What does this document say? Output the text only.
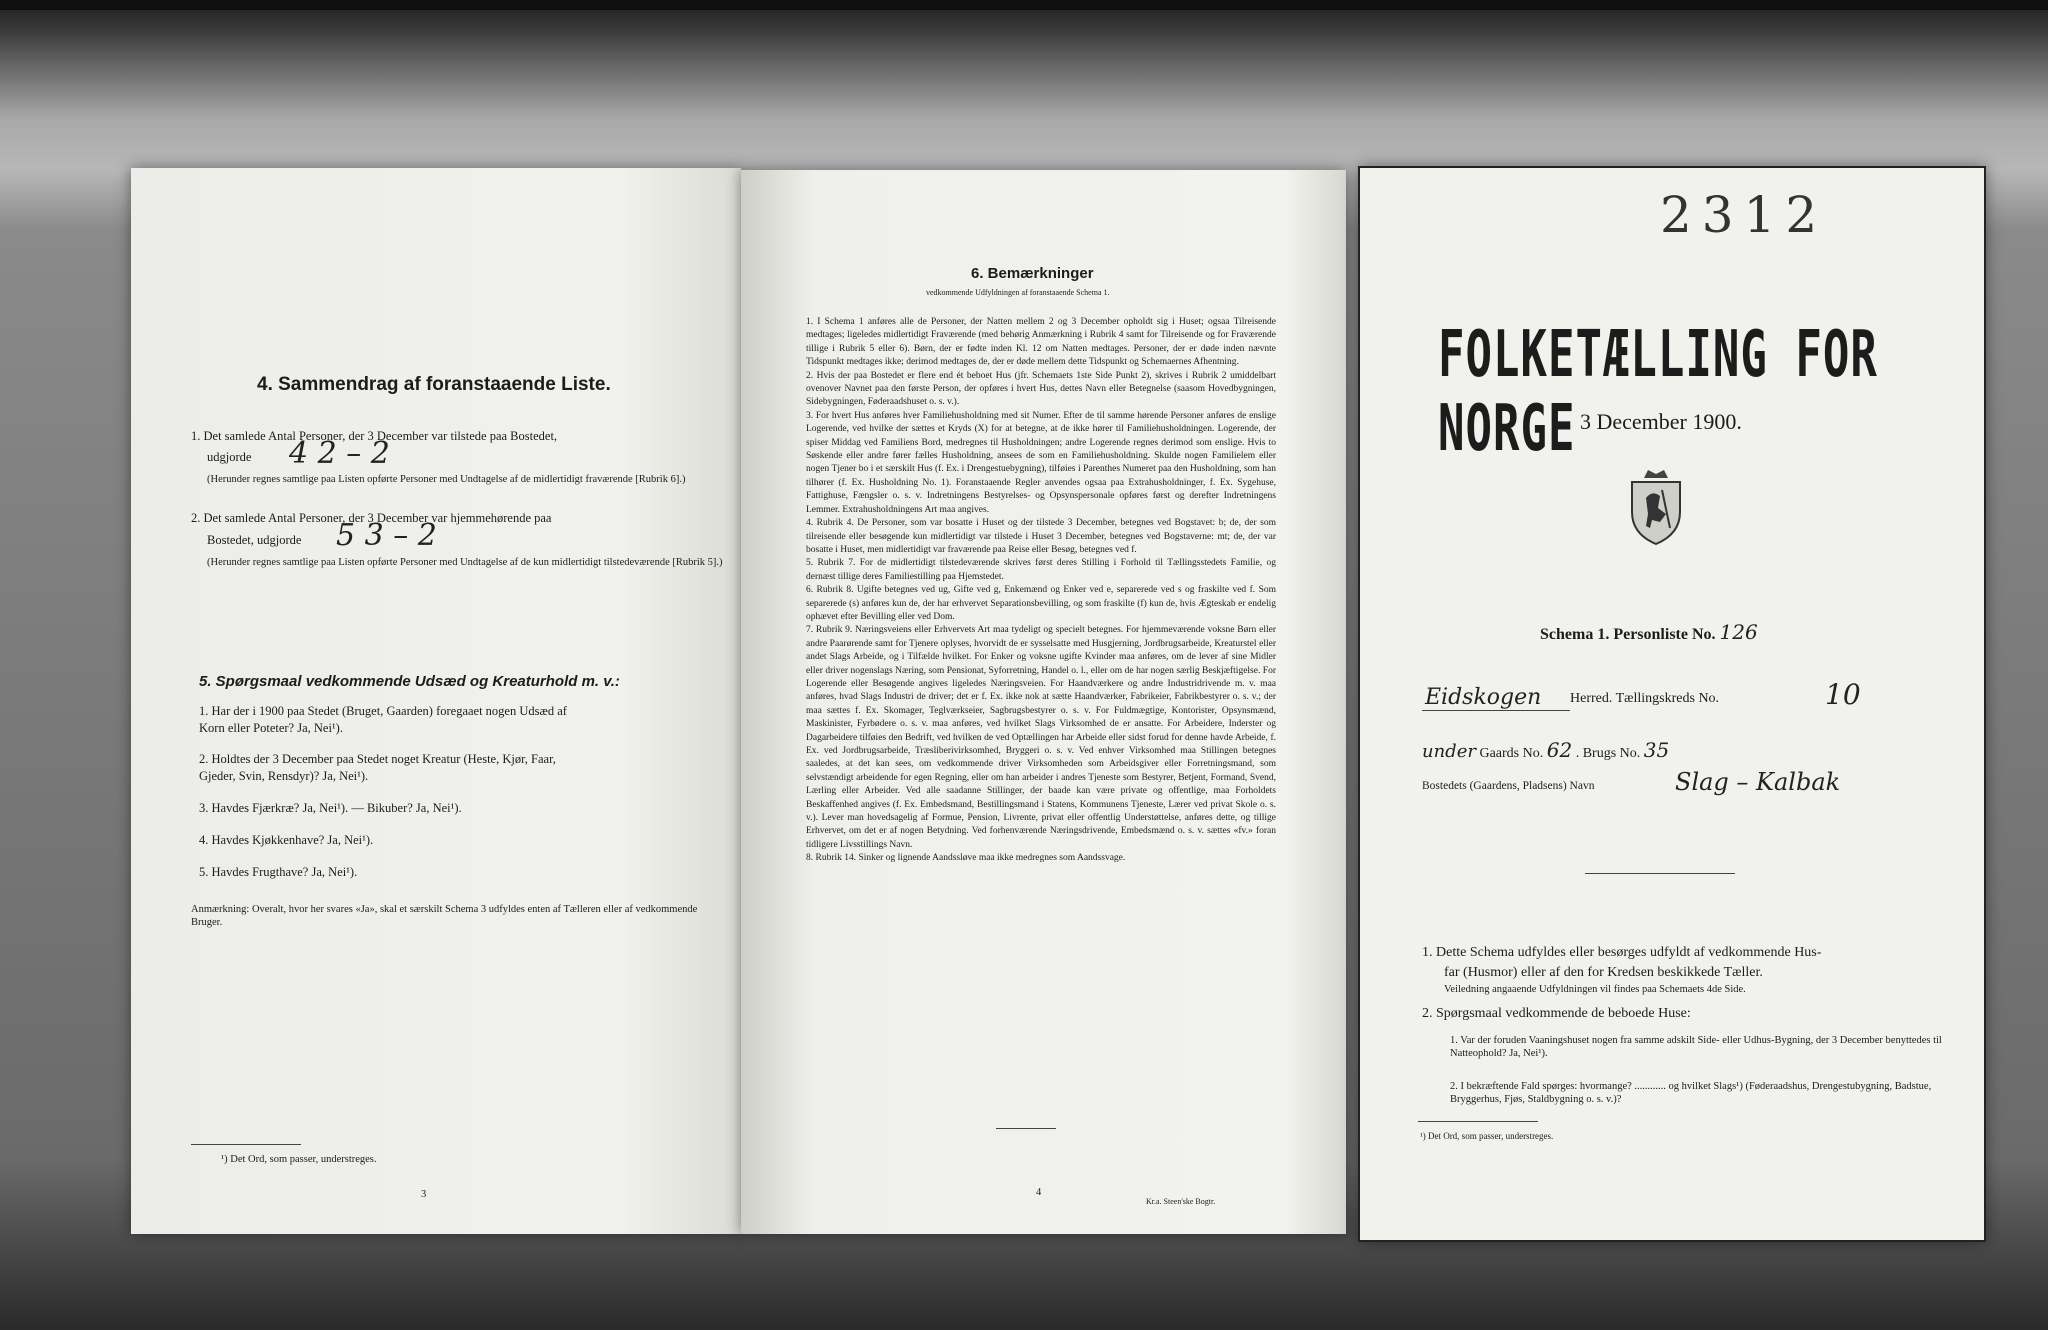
4. Sammendrag af foranstaaende Liste.
1. Det samlede Antal Personer, der 3 December var tilstede paa Bostedet,
udgjorde 4 2 – 2
(Herunder regnes samtlige paa Listen opførte Personer med Undtagelse af de midlertidigt fraværende [Rubrik 6].)
2. Det samlede Antal Personer, der 3 December var hjemmehørende paa
Bostedet, udgjorde 5 3 – 2
(Herunder regnes samtlige paa Listen opførte Personer med Undtagelse af de kun midlertidigt tilstedeværende [Rubrik 5].)
5. Spørgsmaal vedkommende Udsæd og Kreaturhold m. v.:
1. Har der i 1900 paa Stedet (Bruget, Gaarden) foregaaet nogen Udsæd af
Korn eller Poteter? Ja, Nei¹).
2. Holdtes der 3 December paa Stedet noget Kreatur (Heste, Kjør, Faar,
Gjeder, Svin, Rensdyr)? Ja, Nei¹).
3. Havdes Fjærkræ? Ja, Nei¹). — Bikuber? Ja, Nei¹).
4. Havdes Kjøkkenhave? Ja, Nei¹).
5. Havdes Frugthave? Ja, Nei¹).
Anmærkning: Overalt, hvor her svares «Ja», skal et særskilt Schema 3 udfyldes enten af Tælleren eller af vedkommende Bruger.
¹) Det Ord, som passer, understreges.
3
6. Bemærkninger
vedkommende Udfyldningen af foranstaaende Schema 1.
1. I Schema 1 anføres alle de Personer, der Natten mellem 2 og 3 December opholdt sig i Huset; ogsaa Tilreisende medtages; ligeledes midlertidigt Fraværende (med behørig Anmærkning i Rubrik 4 samt for Tilreisende og for Fraværende tillige i Rubrik 5 eller 6). Børn, der er fødte inden Kl. 12 om Natten medtages. Personer, der er døde inden nævnte Tidspunkt medtages ikke; derimod medtages de, der er døde mellem dette Tidspunkt og Schemaernes Afhentning.
2. Hvis der paa Bostedet er flere end ét beboet Hus (jfr. Schemaets 1ste Side Punkt 2), skrives i Rubrik 2 umiddelbart ovenover Navnet paa den første Person, der opføres i hvert Hus, dettes Navn eller Betegnelse (saasom Hovedbygningen, Sidebygningen, Føderaadshuset o. s. v.).
3. For hvert Hus anføres hver Familiehusholdning med sit Numer. Efter de til samme hørende Personer anføres de enslige Logerende, ved hvilke der sættes et Kryds (X) for at betegne, at de ikke hører til Familiehusholdningen. Logerende, der spiser Middag ved Familiens Bord, medregnes til Husholdningen; andre Logerende regnes derimod som enslige. Hvis to Søskende eller andre fører fælles Husholdning, ansees de som en Familiehusholdning. Skulde nogen Familielem eller nogen Tjener bo i et særskilt Hus (f. Ex. i Drengestuebygning), tilføies i Parenthes Numeret paa den Husholdning, som han tilhører (f. Ex. Husholdning No. 1). Foranstaaende Regler anvendes ogsaa paa Extrahusholdninger, f. Ex. Sygehuse, Fattighuse, Fængsler o. s. v. Indretningens Bestyrelses- og Opsynspersonale opføres først og derefter Indretningens Lemmer. Extrahusholdningens Art maa angives.
4. Rubrik 4. De Personer, som var bosatte i Huset og der tilstede 3 December, betegnes ved Bogstavet: b; de, der som tilreisende eller besøgende kun midlertidigt var tilstede i Huset 3 December, betegnes ved Bogstaverne: mt; de, der var bosatte i Huset, men midlertidigt var fraværende paa Reise eller Besøg, betegnes ved f.
5. Rubrik 7. For de midlertidigt tilstedeværende skrives først deres Stilling i Forhold til Tællingsstedets Familie, og dernæst tillige deres Familiestilling paa Hjemstedet.
6. Rubrik 8. Ugifte betegnes ved ug, Gifte ved g, Enkemænd og Enker ved e, separerede ved s og fraskilte ved f. Som separerede (s) anføres kun de, der har erhvervet Separationsbevilling, og som fraskilte (f) kun de, hvis Ægteskab er endelig ophævet efter Bevilling eller ved Dom.
7. Rubrik 9. Næringsveiens eller Erhvervets Art maa tydeligt og specielt betegnes. For hjemmeværende voksne Børn eller andre Paarørende samt for Tjenere oplyses, hvorvidt de er sysselsatte med Husgjerning, Jordbrugsarbeide, Kreaturstel eller andet Slags Arbeide, og i Tilfælde hvilket. For Enker og voksne ugifte Kvinder maa anføres, om de lever af sine Midler eller driver nogenslags Næring, som Pensionat, Syforretning, Handel o. l., eller om de har nogen særlig Beskjæftigelse. For Logerende eller Besøgende angives ligeledes Næringsveien. For Haandværkere og andre Industridrivende m. v. maa anføres, hvad Slags Industri de driver; det er f. Ex. ikke nok at sætte Haandværker, Fabrikeier, Fabrikbestyrer o. s. v.; der maa sættes f. Ex. Skomager, Teglværkseier, Sagbrugsbestyrer o. s. v. For Fuldmægtige, Kontorister, Opsynsmænd, Maskinister, Fyrbødere o. s. v. maa anføres, ved hvilket Slags Virksomhed de er ansatte. For Arbeidere, Inderster og Dagarbeidere tilføies den Bedrift, ved hvilken de ved Optællingen har Arbeide eller sidst forud for denne havde Arbeide, f. Ex. ved Jordbrugsarbeide, Træsliberivirksomhed, Bryggeri o. s. v. Ved enhver Virksomhed maa Stillingen betegnes saaledes, at det kan sees, om vedkommende driver Virksomheden som Arbeidsgiver eller Forretningsmand, som selvstændigt arbeidende for egen Regning, eller om han arbeider i andres Tjeneste som Bestyrer, Betjent, Formand, Svend, Lærling eller Arbeider. Ved alle saadanne Stillinger, der baade kan være private og offentlige, maa Forholdets Beskaffenhed angives (f. Ex. Embedsmand, Bestillingsmand i Statens, Kommunens Tjeneste, Lærer ved privat Skole o. s. v.). Lever man hovedsagelig af Formue, Pension, Livrente, privat eller offentlig Understøttelse, anføres dette, og tillige Erhvervet, om det er af nogen Betydning. Ved forhenværende Næringsdrivende, Embedsmænd o. s. v. sættes «fv.» foran tidligere Livsstillings Navn.
8. Rubrik 14. Sinker og lignende Aandssløve maa ikke medregnes som Aandssvage.
4
Kr.a. Steen'ske Bogtr.
2312
FOLKETÆLLING FOR NORGE 3 December 1900.
Schema 1. Personliste No. 126
Eidskogen Herred. Tællingskreds No.	10
under Gaards No. 62 . Brugs No. 35
Bostedets (Gaardens, Pladsens) Navn	Slag – Kalbak
1. Dette Schema udfyldes eller besørges udfyldt af vedkommende Hus-
far (Husmor) eller af den for Kredsen beskikkede Tæller.
Veiledning angaaende Udfyldningen vil findes paa Schemaets 4de Side.
2. Spørgsmaal vedkommende de beboede Huse:
1. Var der foruden Vaaningshuset nogen fra samme adskilt Side- eller Udhus-Bygning, der 3 December benyttedes til Natteophold? Ja, Nei¹).
2. I bekræftende Fald spørges: hvormange? ............ og hvilket Slags¹) (Føderaadshus, Drengestubygning, Badstue, Bryggerhus, Fjøs, Staldbygning o. s. v.)?
¹) Det Ord, som passer, understreges.
